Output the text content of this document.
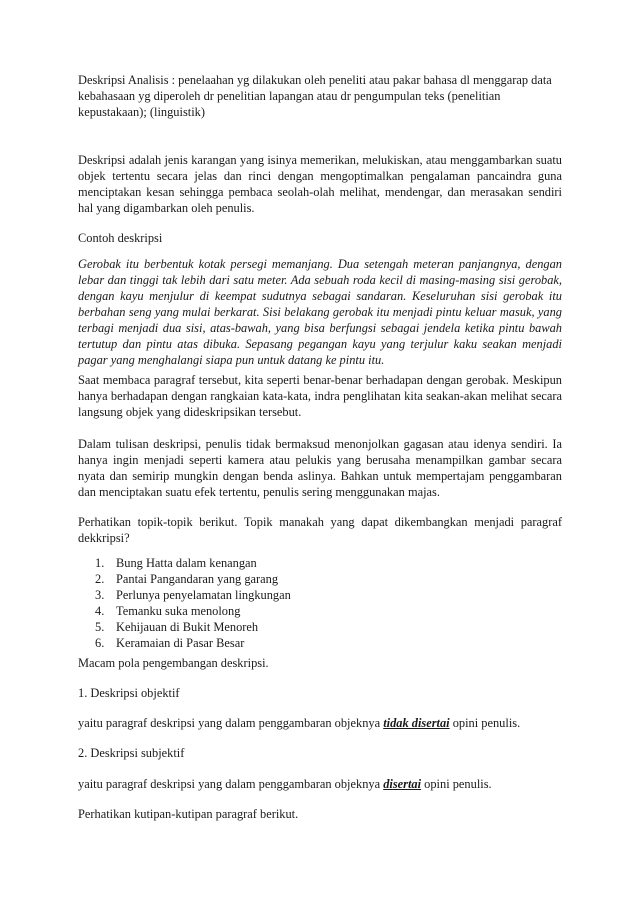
Deskripsi Analisis : penelaahan yg dilakukan oleh peneliti atau pakar bahasa dl menggarap data kebahasaan yg diperoleh dr penelitian lapangan atau dr pengumpulan teks (penelitian kepustakaan); (linguistik)

Deskripsi adalah jenis karangan yang isinya memerikan, melukiskan, atau menggambarkan suatu objek tertentu secara jelas dan rinci dengan mengoptimalkan pengalaman pancaindra guna menciptakan kesan sehingga pembaca seolah-olah melihat, mendengar, dan merasakan sendiri hal yang digambarkan oleh penulis.

Contoh deskripsi

Gerobak itu berbentuk kotak persegi memanjang. Dua setengah meteran panjangnya, dengan lebar dan tinggi tak lebih dari satu meter. Ada sebuah roda kecil di masing-masing sisi gerobak, dengan kayu menjulur di keempat sudutnya sebagai sandaran. Keseluruhan sisi gerobak itu berbahan seng yang mulai berkarat. Sisi belakang gerobak itu menjadi pintu keluar masuk, yang terbagi menjadi dua sisi, atas-bawah, yang bisa berfungsi sebagai jendela ketika pintu bawah tertutup dan pintu atas dibuka. Sepasang pegangan kayu yang terjulur kaku seakan menjadi pagar yang menghalangi siapa pun untuk datang ke pintu itu.

Saat membaca paragraf tersebut, kita seperti benar-benar berhadapan dengan gerobak. Meskipun hanya berhadapan dengan rangkaian kata-kata, indra penglihatan kita seakan-akan melihat secara langsung objek yang dideskripsikan tersebut.

Dalam tulisan deskripsi, penulis tidak bermaksud menonjolkan gagasan atau idenya sendiri. Ia hanya ingin menjadi seperti kamera atau pelukis yang berusaha menampilkan gambar secara nyata dan semirip mungkin dengan benda aslinya. Bahkan untuk mempertajam penggambaran dan menciptakan suatu efek tertentu, penulis sering menggunakan majas.

Perhatikan topik-topik berikut. Topik manakah yang dapat dikembangkan menjadi paragraf dekkripsi?

1. Bung Hatta dalam kenangan
2. Pantai Pangandaran yang garang
3. Perlunya penyelamatan lingkungan
4. Temanku suka menolong
5. Kehijauan di Bukit Menoreh
6. Keramaian di Pasar Besar

Macam pola pengembangan deskripsi.

1. Deskripsi objektif

yaitu paragraf deskripsi yang dalam penggambaran objeknya tidak disertai opini penulis.

2. Deskripsi subjektif

yaitu paragraf deskripsi yang dalam penggambaran objeknya disertai opini penulis.

Perhatikan kutipan-kutipan paragraf berikut.
